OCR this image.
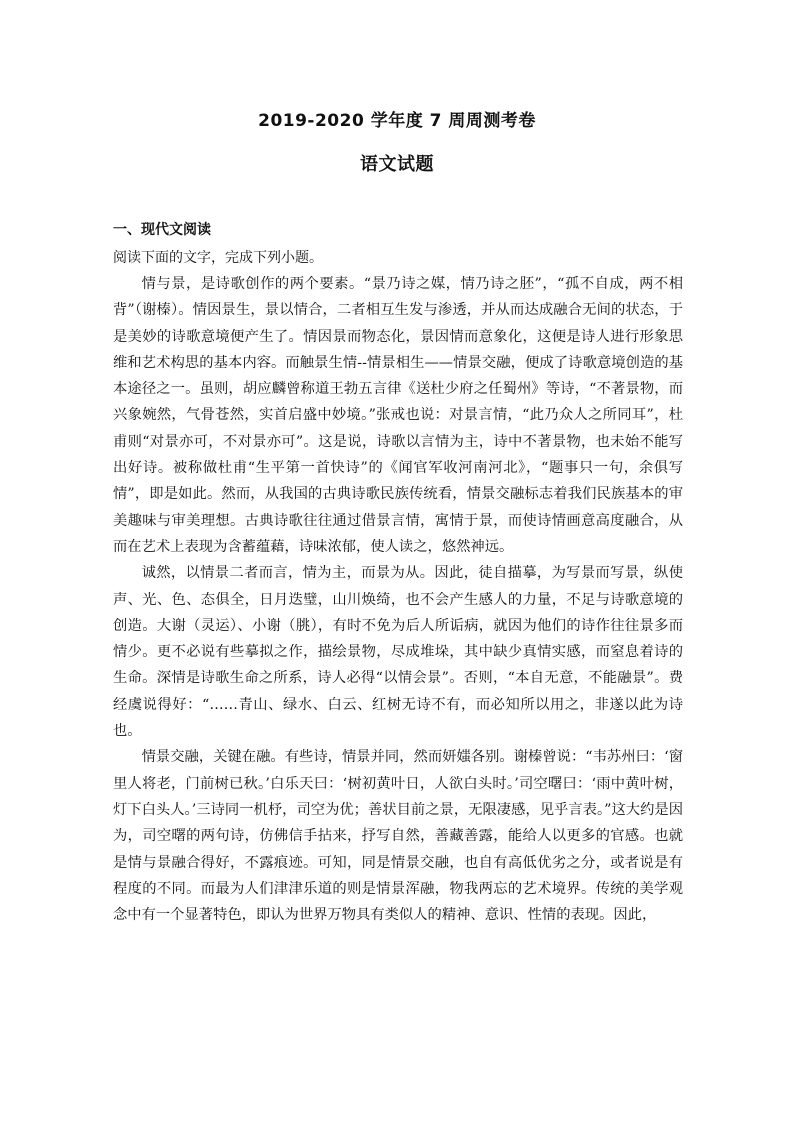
2019-2020 学年度 7 周周测考卷
语文试题
一、现代文阅读
阅读下面的文字，完成下列小题。

情与景，是诗歌创作的两个要素。“景乃诗之媒，情乃诗之胚”，“孤不自成，两不相背”（谢榛）。情因景生，景以情合，二者相互生发与渗透，并从而达成融合无间的状态，于是美妙的诗歌意境便产生了。情因景而物态化，景因情而意象化，这便是诗人进行形象思维和艺术构思的基本内容。而触景生情--情景相生——情景交融，便成了诗歌意境创造的基本途径之一。虽则，胡应麟曾称道王勃五言律《送杜少府之任蜀州》等诗，“不著景物，而兴象婉然，气骨苍然，实首启盛中妙境。”张戒也说：对景言情，“此乃众人之所同耳”，杜甫则“对景亦可，不对景亦可”。这是说，诗歌以言情为主，诗中不著景物，也未始不能写出好诗。被称做杜甫“生平第一首快诗”的《闻官军收河南河北》，“题事只一句，余俱写情”，即是如此。然而，从我国的古典诗歌民族传统看，情景交融标志着我们民族基本的审美趣味与审美理想。古典诗歌往往通过借景言情，寓情于景，而使诗情画意高度融合，从而在艺术上表现为含蓄蕴藉，诗味浓郁，使人读之，悠然神远。

诚然，以情景二者而言，情为主，而景为从。因此，徒自描摹，为写景而写景，纵使声、光、色、态俱全，日月迭璧，山川焕绮，也不会产生感人的力量，不足与诗歌意境的创造。大谢（灵运）、小谢（朓），有时不免为后人所诟病，就因为他们的诗作往往景多而情少。更不必说有些摹拟之作，描绘景物，尽成堆垛，其中缺少真情实感，而窒息着诗的生命。深情是诗歌生命之所系，诗人必得“以情会景”。否则，“本自无意，不能融景”。费经虞说得好：“……青山、绿水、白云、红树无诗不有，而必知所以用之，非遂以此为诗也。

情景交融，关键在融。有些诗，情景并同，然而妍媸各别。谢榛曾说：“韦苏州曰：‘窗里人将老，门前树已秋。’白乐天曰：‘树初黄叶日，人欲白头时。’司空曙曰：‘雨中黄叶树，灯下白头人。’三诗同一机杼，司空为优；善状目前之景，无限凄感，见乎言表。”这大约是因为，司空曙的两句诗，仿佛信手拈来，抒写自然，善藏善露，能给人以更多的官感。也就是情与景融合得好，不露痕迹。可知，同是情景交融，也自有高低优劣之分，或者说是有程度的不同。而最为人们津津乐道的则是情景浑融，物我两忘的艺术境界。传统的美学观念中有一个显著特色，即认为世界万物具有类似人的精神、意识、性情的表现。因此，
